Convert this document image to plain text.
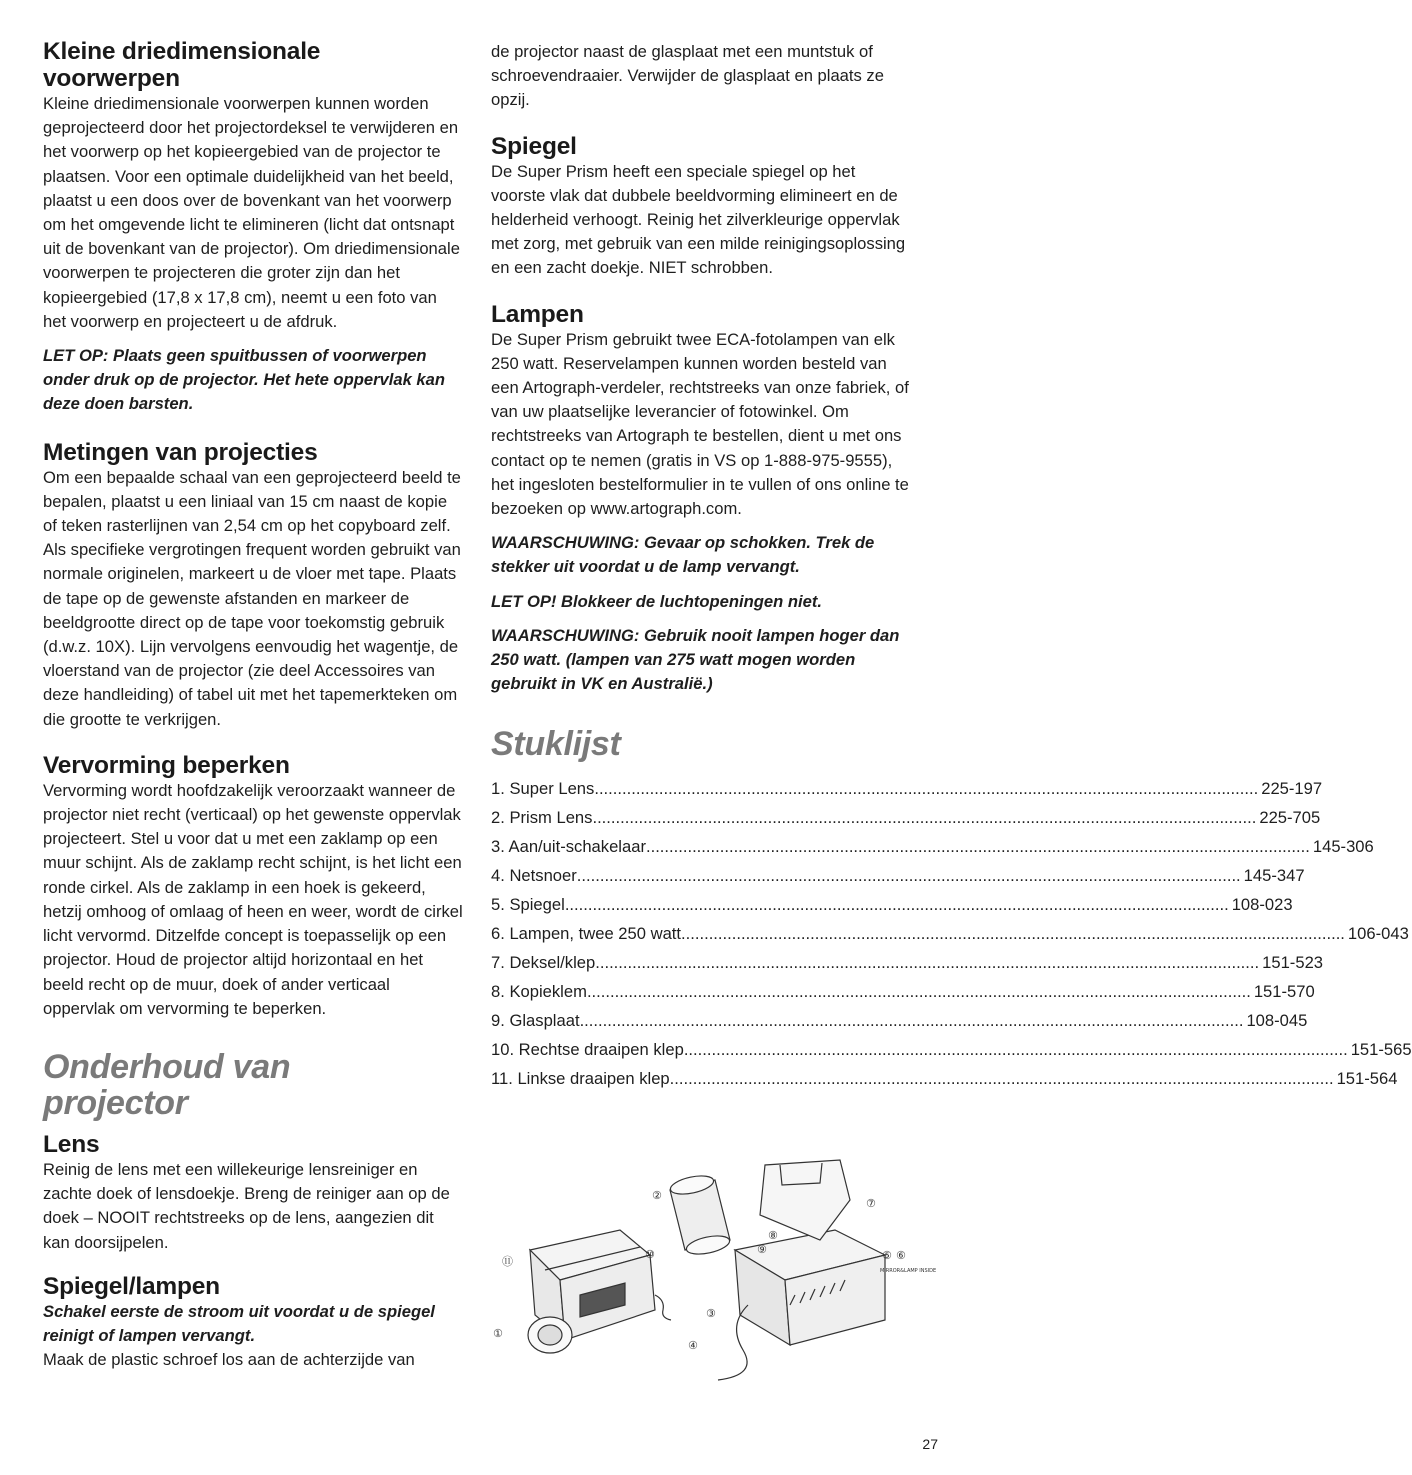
Kleine driedimensionale voorwerpen

Kleine driedimensionale voorwerpen kunnen worden geprojecteerd door het projectordeksel te verwijderen en het voorwerp op het kopieergebied van de projector te plaatsen. Voor een optimale duidelijkheid van het beeld, plaatst u een doos over de bovenkant van het voorwerp om het omgevende licht te elimineren (licht dat ontsnapt uit de bovenkant van de projector). Om driedimensionale voorwerpen te projecteren die groter zijn dan het kopieergebied (17,8 x 17,8 cm), neemt u een foto van het voorwerp en projecteert u de afdruk.

LET OP: Plaats geen spuitbussen of voorwerpen onder druk op de projector. Het hete oppervlak kan deze doen barsten.

Metingen van projecties

Om een bepaalde schaal van een geprojecteerd beeld te bepalen, plaatst u een liniaal van 15 cm naast de kopie of teken rasterlijnen van 2,54 cm op het copyboard zelf. Als specifieke vergrotingen frequent worden gebruikt van normale originelen, markeert u de vloer met tape. Plaats de tape op de gewenste afstanden en markeer de beeldgrootte direct op de tape voor toekomstig gebruik (d.w.z. 10X). Lijn vervolgens eenvoudig het wagentje, de vloerstand van de projector (zie deel Accessoires van deze handleiding) of tabel uit met het tapemerkteken om die grootte te verkrijgen.

Vervorming beperken

Vervorming wordt hoofdzakelijk veroorzaakt wanneer de projector niet recht (verticaal) op het gewenste oppervlak projecteert. Stel u voor dat u met een zaklamp op een muur schijnt. Als de zaklamp recht schijnt, is het licht een ronde cirkel. Als de zaklamp in een hoek is gekeerd, hetzij omhoog of omlaag of heen en weer, wordt de cirkel licht vervormd. Ditzelfde concept is toepasselijk op een projector. Houd de projector altijd horizontaal en het beeld recht op de muur, doek of ander verticaal oppervlak om vervorming te beperken.

Onderhoud van projector
Lens

Reinig de lens met een willekeurige lensreiniger en zachte doek of lensdoekje. Breng de reiniger aan op de doek – NOOIT rechtstreeks op de lens, aangezien dit kan doorsijpelen.

Spiegel/lampen

Schakel eerste de stroom uit voordat u de spiegel reinigt of lampen vervangt.

Maak de plastic schroef los aan de achterzijde van

de projector naast de glasplaat met een muntstuk of schroevendraaier. Verwijder de glasplaat en plaats ze opzij.

Spiegel

De Super Prism heeft een speciale spiegel op het voorste vlak dat dubbele beeldvorming elimineert en de helderheid verhoogt. Reinig het zilverkleurige oppervlak met zorg, met gebruik van een milde reinigingsoplossing en een zacht doekje. NIET schrobben.

Lampen

De Super Prism gebruikt twee ECA-fotolampen van elk 250 watt. Reservelampen kunnen worden besteld van een Artograph-verdeler, rechtstreeks van onze fabriek, of van uw plaatselijke leverancier of fotowinkel. Om rechtstreeks van Artograph te bestellen, dient u met ons contact op te nemen (gratis in VS op 1-888-975-9555), het ingesloten bestelformulier in te vullen of ons online te bezoeken op www.artograph.com.

WAARSCHUWING: Gevaar op schokken. Trek de stekker uit voordat u de lamp vervangt.

LET OP! Blokkeer de luchtopeningen niet.

WAARSCHUWING: Gebruik nooit lampen hoger dan 250 watt. (lampen van 275 watt mogen worden gebruikt in VK en Australië.)

Stuklijst
1. Super Lens .....	225-197
2. Prism Lens .....	225-705
3. Aan/uit-schakelaar .....	145-306
4. Netsnoer .....	145-347
5. Spiegel .....	108-023
6. Lampen, twee 250 watt .....	106-043
7. Deksel/klep .....	151-523
8. Kopieklem .....	151-570
9. Glasplaat .....	108-045
10. Rechtse draaipen klep .....	151-565
11. Linkse draaipen klep .....	151-564
①
②
③
④
⑤ ⑥
⑦
⑧
⑨
⑩
⑪
MIRROR&LAMP INSIDE
27
